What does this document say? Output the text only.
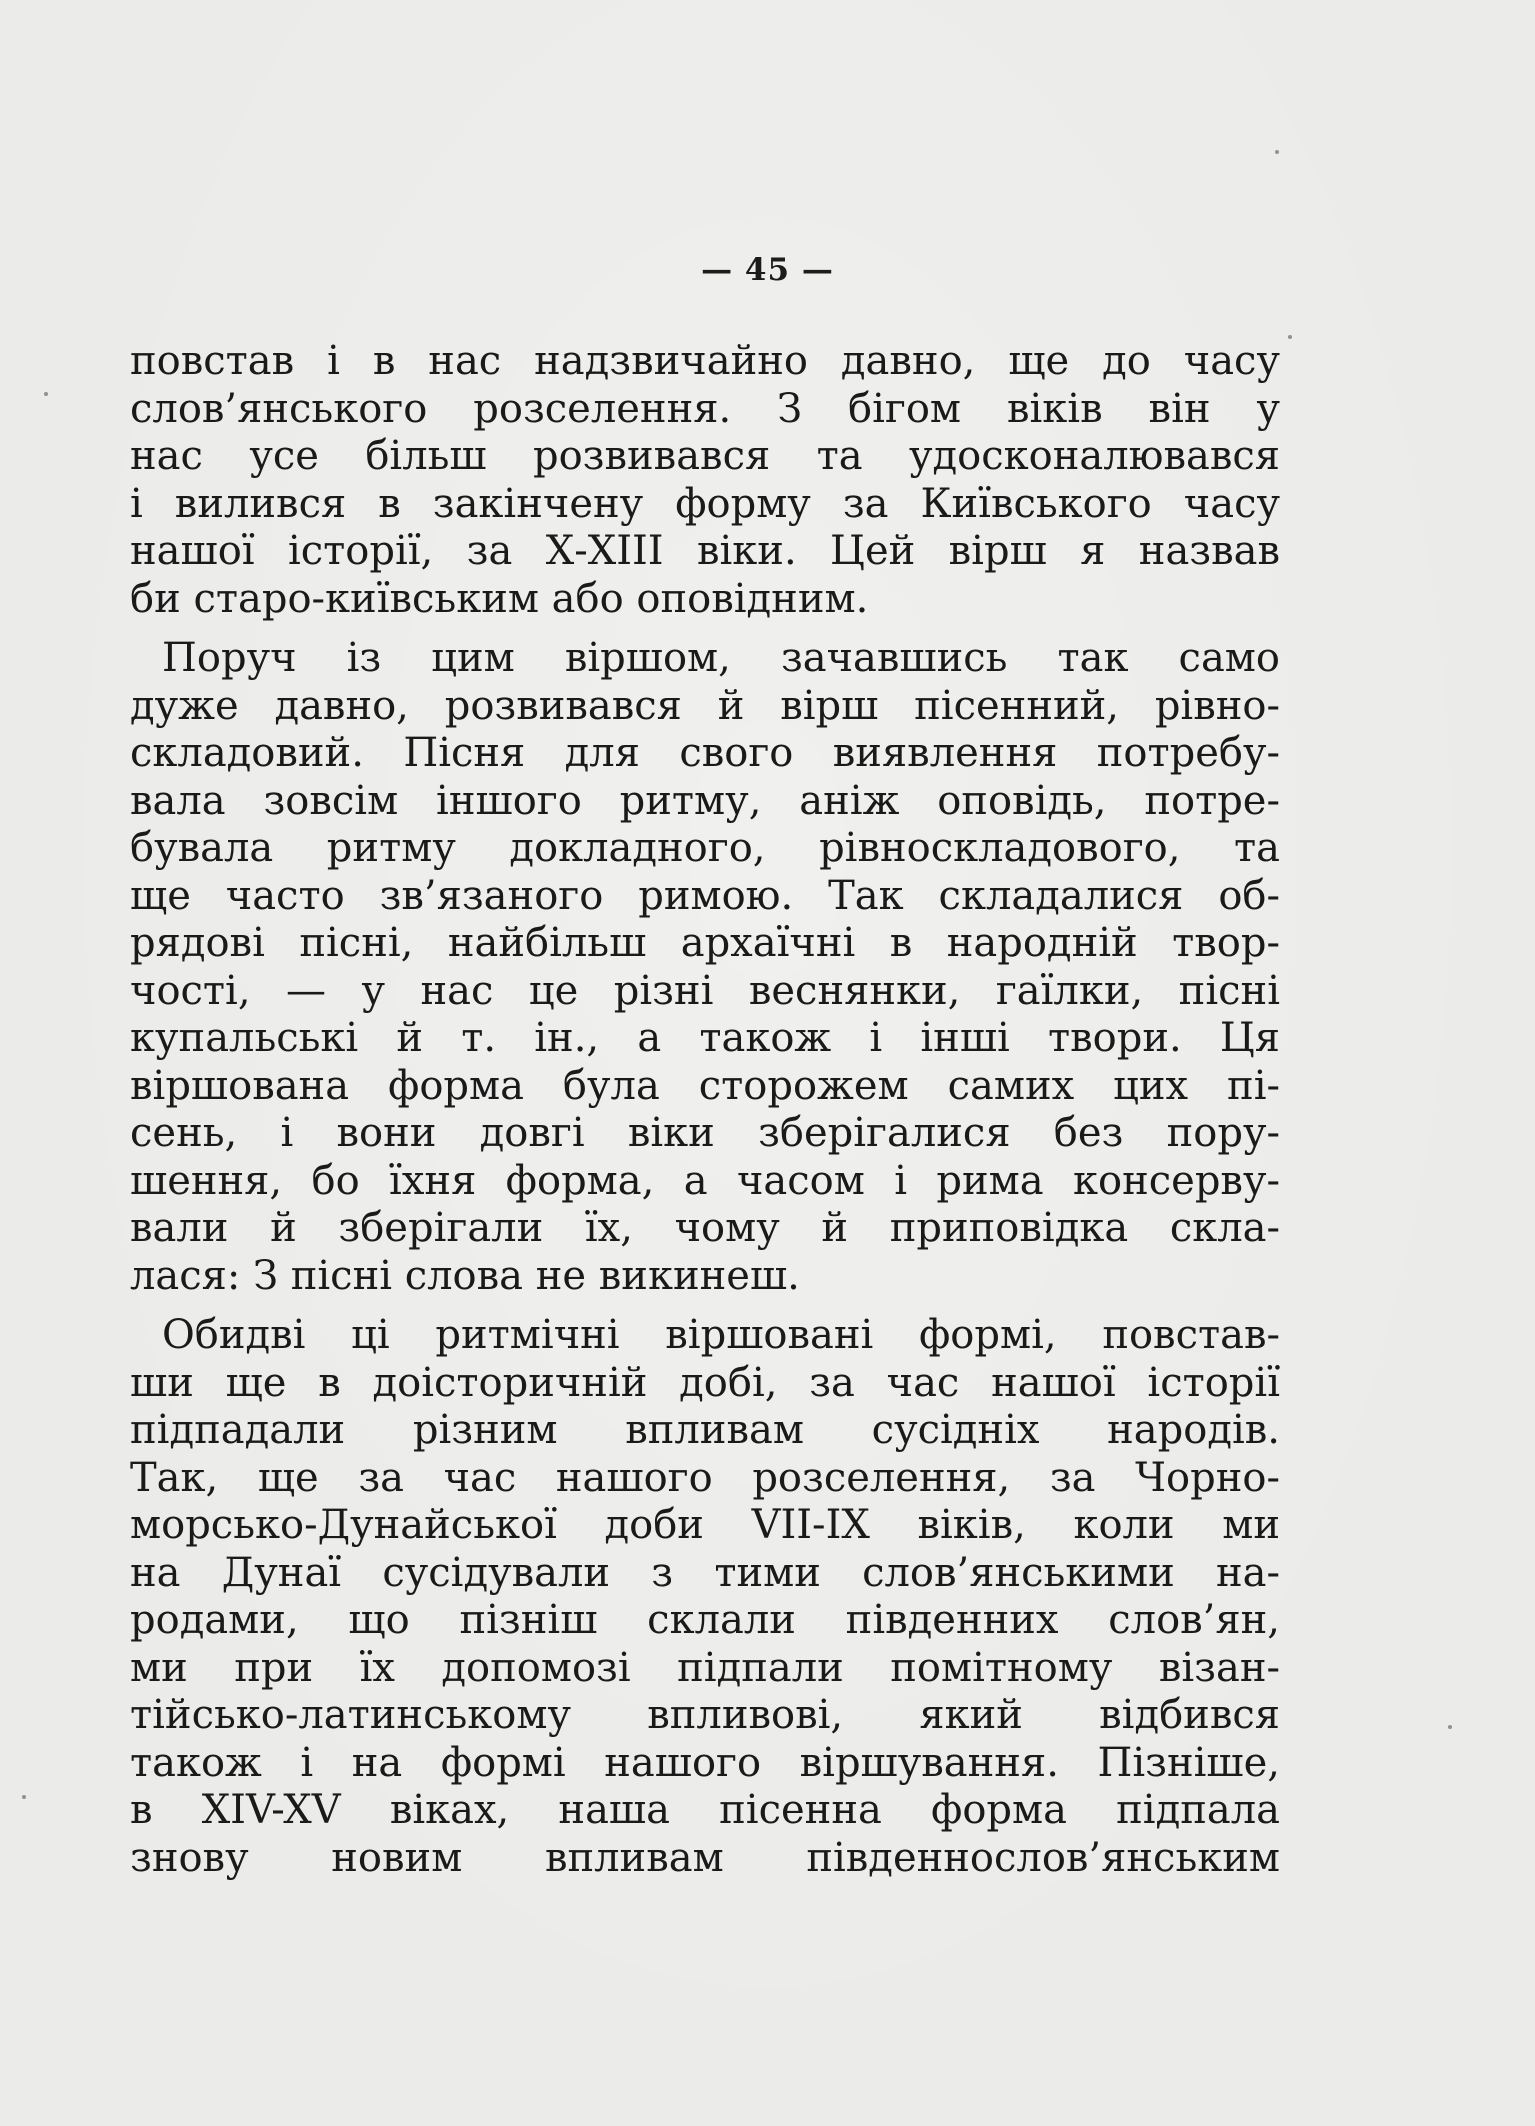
— 45 —

повстав і в нас надзвичайно давно, ще до часу
слов’янського розселення. З бігом віків він у
нас усе більш розвивався та удосконалювався
і вилився в закінчену форму за Київського часу
нашої історії, за Х-ХІІІ віки. Цей вірш я назвав
би старо-київським або оповідним.

Поруч із цим віршом, зачавшись так само
дуже давно, розвивався й вірш пісенний, рівно-
складовий. Пісня для свого виявлення потребу-
вала зовсім іншого ритму, аніж оповідь, потре-
бувала ритму докладного, рівноскладового, та
ще часто зв’язаного римою. Так складалися об-
рядові пісні, найбільш архаїчні в народній твор-
чості, — у нас це різні веснянки, гаїлки, пісні
купальські й т. ін., а також і інші твори. Ця
віршована форма була сторожем самих цих пі-
сень, і вони довгі віки зберігалися без пору-
шення, бо їхня форма, а часом і рима консерву-
вали й зберігали їх, чому й приповідка скла-
лася: З пісні слова не викинеш.

Обидві ці ритмічні віршовані формі, повстав-
ши ще в доісторичній добі, за час нашої історії
підпадали різним впливам сусідніх народів.
Так, ще за час нашого розселення, за Чорно-
морсько-Дунайської доби VII-IX віків, коли ми
на Дунаї сусідували з тими слов’янськими на-
родами, що пізніш склали південних слов’ян,
ми при їх допомозі підпали помітному візан-
тійсько-латинському впливові, який відбився
також і на формі нашого віршування. Пізніше,
в XIV-XV віках, наша пісенна форма підпала
знову новим впливам південнослов’янським
